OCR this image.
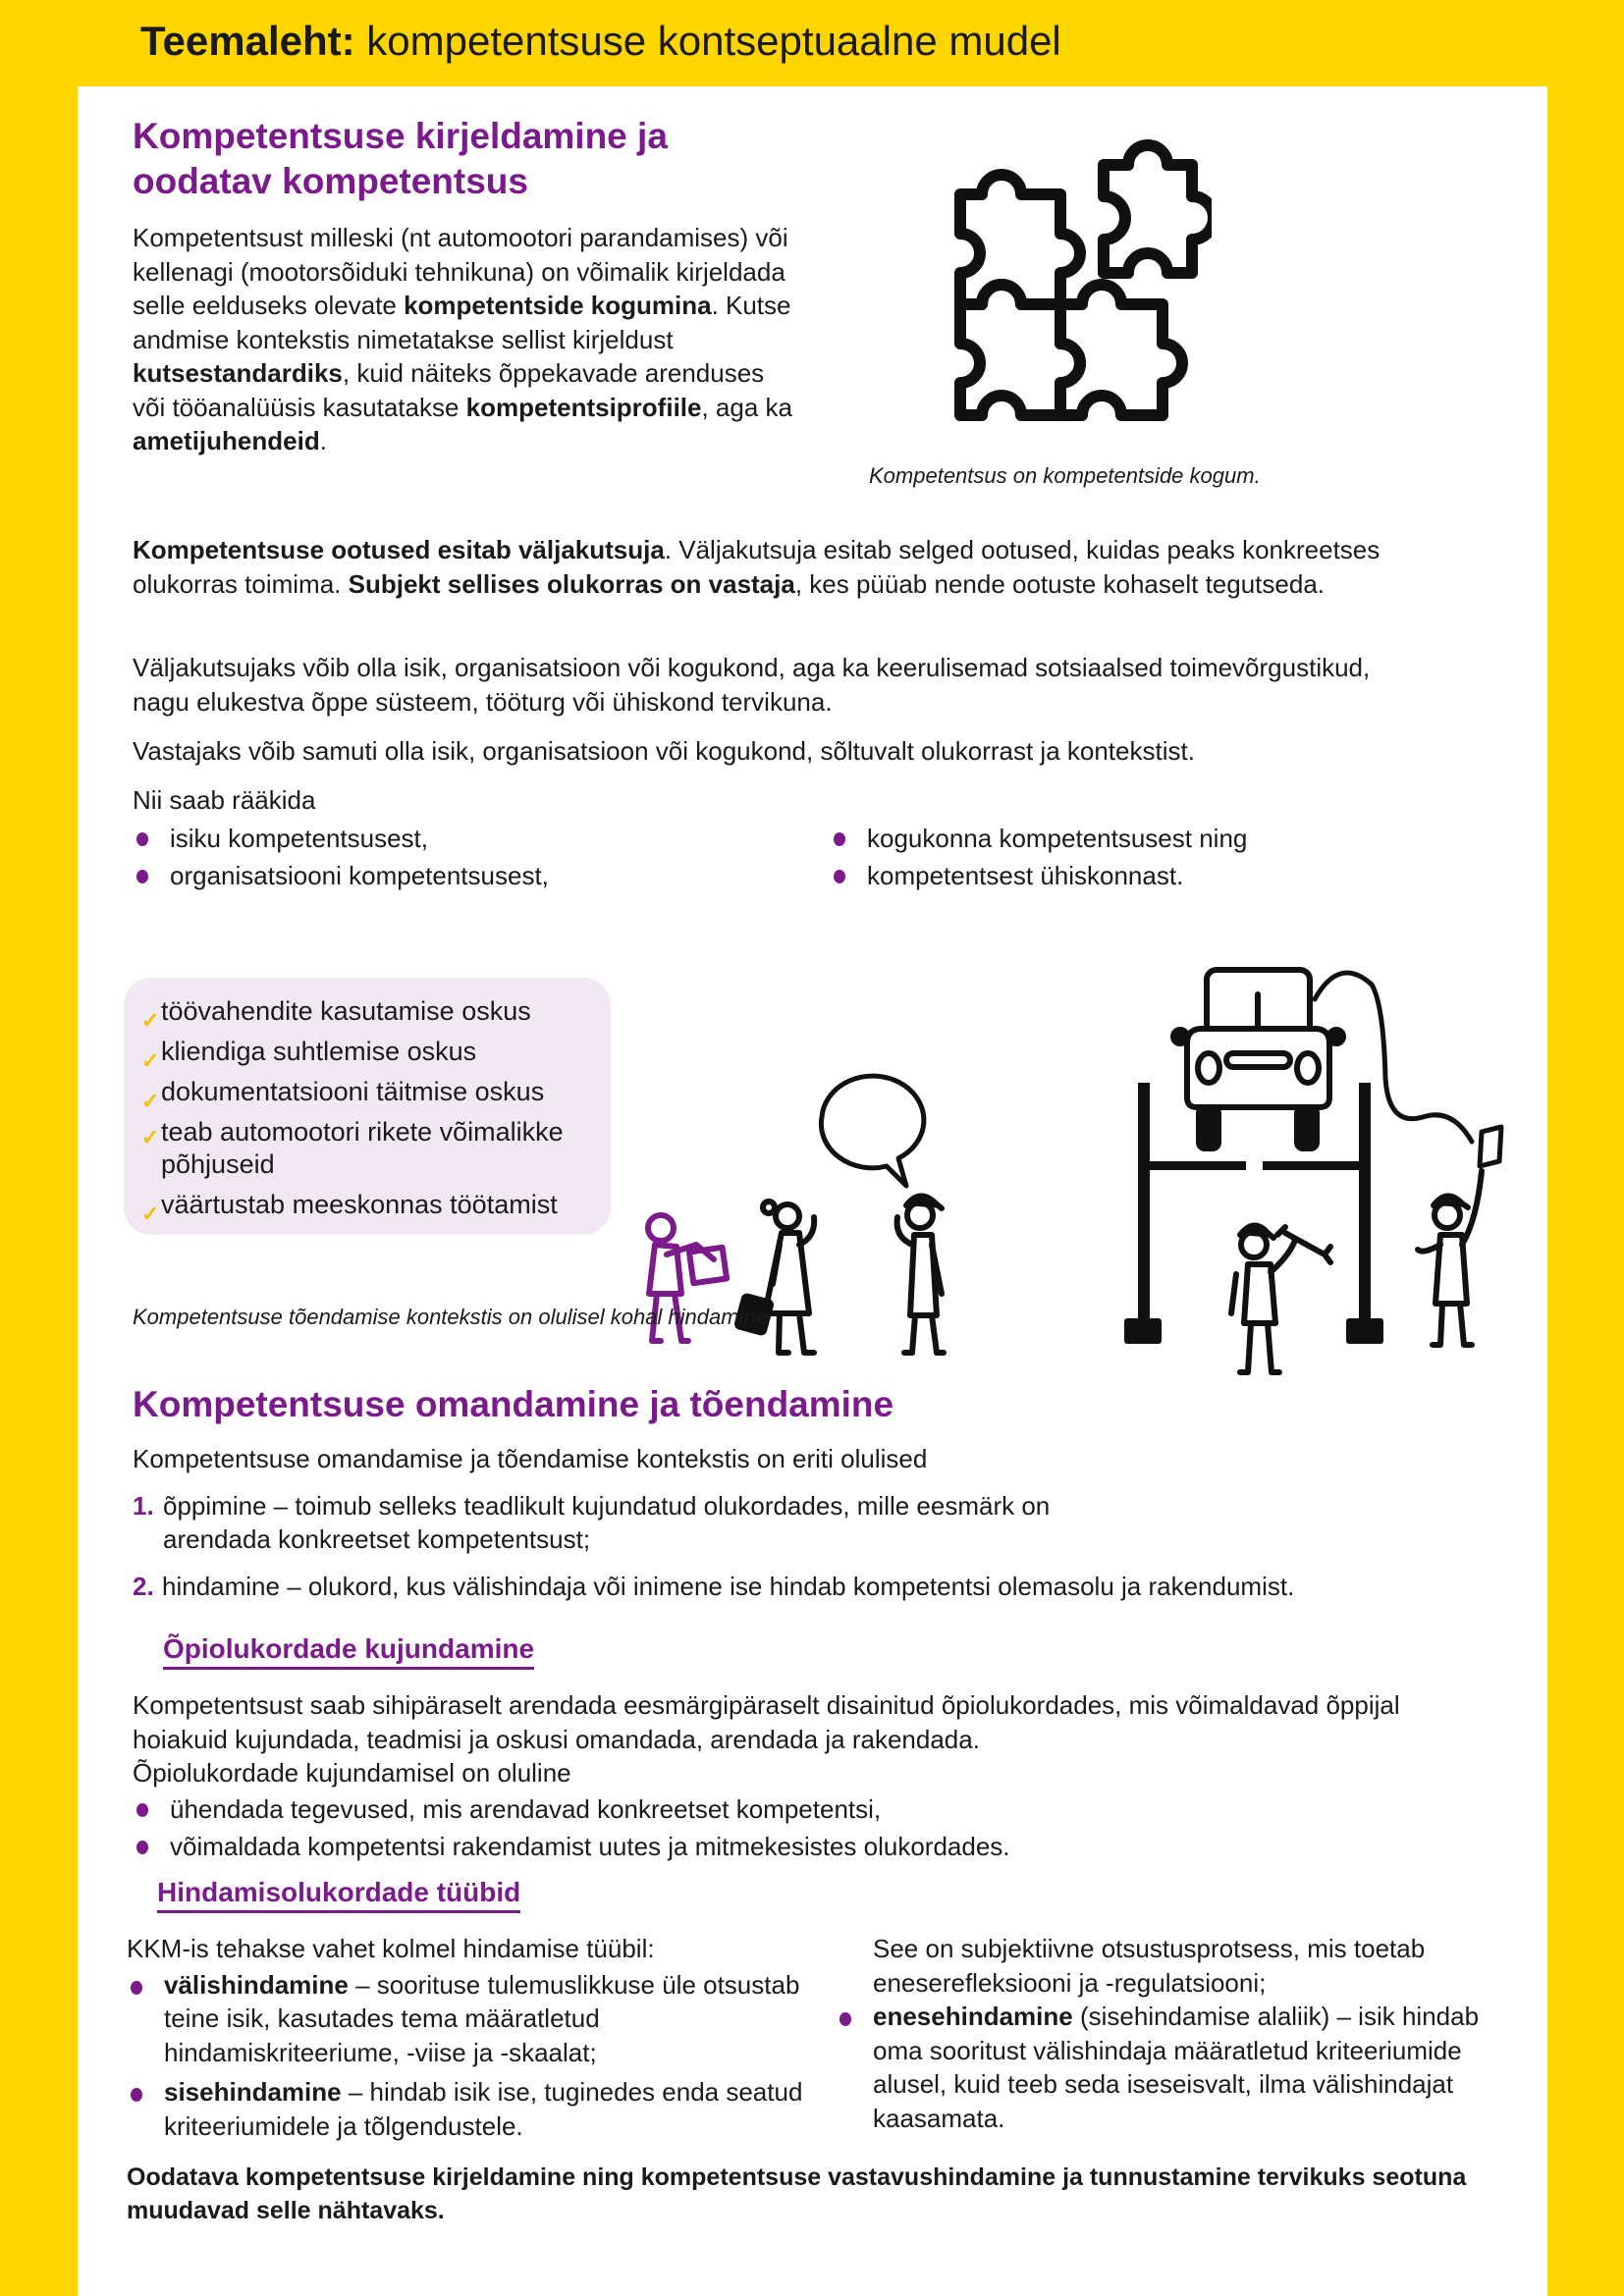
Teemaleht: kompetentsuse kontseptuaalne mudel
Kompetentsuse kirjeldamine ja
oodatav kompetentsus

Kompetentsust milleski (nt automootori parandamises) või kellenagi (mootorsõiduki tehnikuna) on võimalik kirjeldada selle eelduseks olevate kompetentside kogumina. Kutse andmise kontekstis nimetatakse sellist kirjeldust kutsestandardiks, kuid näiteks õppekavade arenduses või tööanalüüsis kasutatakse kompetentsiprofiile, aga ka ametijuhendeid.

Kompetentsus on kompetentside kogum.

Kompetentsuse ootused esitab väljakutsuja. Väljakutsuja esitab selged ootused, kuidas peaks konkreetses olukorras toimima. Subjekt sellises olukorras on vastaja, kes püüab nende ootuste kohaselt tegutseda.

Väljakutsujaks võib olla isik, organisatsioon või kogukond, aga ka keerulisemad sotsiaalsed toimevõrgustikud, nagu elukestva õppe süsteem, tööturg või ühiskond tervikuna.

Vastajaks võib samuti olla isik, organisatsioon või kogukond, sõltuvalt olukorrast ja kontekstist.

Nii saab rääkida

isiku kompetentsusest,
organisatsiooni kompetentsusest,
kogukonna kompetentsusest ning
kompetentsest ühiskonnast.
✓ töövahendite kasutamise oskus
✓ kliendiga suhtlemise oskus
✓ dokumentatsiooni täitmise oskus
✓ teab automootori rikete võimalikke põhjuseid
✓ väärtustab meeskonnas töötamist
Kompetentsuse tõendamise kontekstis on olulisel kohal hindamine
Kompetentsuse omandamine ja tõendamine

Kompetentsuse omandamise ja tõendamise kontekstis on eriti olulised

1. õppimine – toimub selleks teadlikult kujundatud olukordades, mille eesmärk on arendada konkreetset kompetentsust;
2. hindamine – olukord, kus välishindaja või inimene ise hindab kompetentsi olemasolu ja rakendumist.
Õpiolukordade kujundamine

Kompetentsust saab sihipäraselt arendada eesmärgipäraselt disainitud õpiolukordades, mis võimaldavad õppijal hoiakuid kujundada, teadmisi ja oskusi omandada, arendada ja rakendada.

Õpiolukordade kujundamisel on oluline

ühendada tegevused, mis arendavad konkreetset kompetentsi,
võimaldada kompetentsi rakendamist uutes ja mitmekesistes olukordades.
Hindamisolukordade tüübid

KKM-is tehakse vahet kolmel hindamise tüübil:

välishindamine – soorituse tulemuslikkuse üle otsustab teine isik, kasutades tema määratletud hindamiskriteeriume, -viise ja -skaalat;
sisehindamine – hindab isik ise, tuginedes enda seatud kriteeriumidele ja tõlgendustele.

See on subjektiivne otsustusprotsess, mis toetab eneserefleksiooni ja -regulatsiooni;

enesehindamine (sisehindamise alaliik) – isik hindab oma sooritust välishindaja määratletud kriteeriumide alusel, kuid teeb seda iseseisvalt, ilma välishindajat kaasamata.

Oodatava kompetentsuse kirjeldamine ning kompetentsuse vastavushindamine ja tunnustamine tervikuks seotuna muudavad selle nähtavaks.
